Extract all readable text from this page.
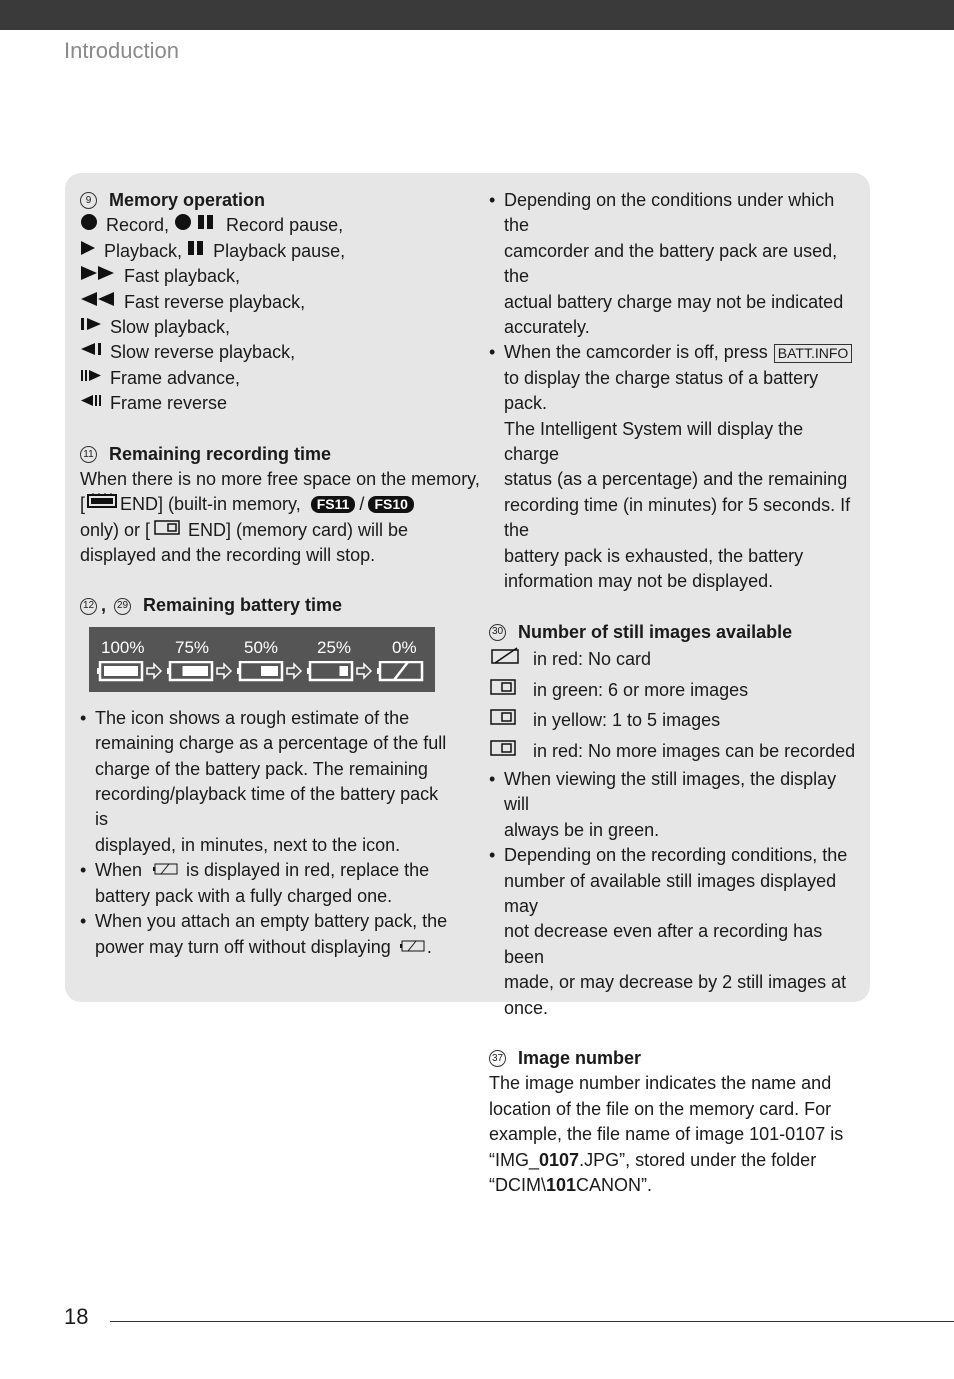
Introduction
9 Memory operation
Record,
	Record pause,
Playback,
Playback pause,
Fast playback,
Fast reverse playback,
Slow playback,
Slow reverse playback,
Frame advance,
Frame reverse
11 Remaining recording time
When there is no more free space on the memory,
[ END] (built-in memory,	FS11 / FS10
only) or [ END] (memory card) will be
displayed and the recording will stop.
12 , 29 Remaining battery time
100% 75% 50% 25% 0%
• The icon shows a rough estimate of the
remaining charge as a percentage of the full
charge of the battery pack. The remaining
recording/playback time of the battery pack is
displayed, in minutes, next to the icon.
• When is displayed in red, replace the
battery pack with a fully charged one.
• When you attach an empty battery pack, the
power may turn off without displaying .
• Depending on the conditions under which the
camcorder and the battery pack are used, the
actual battery charge may not be indicated
accurately.
• When the camcorder is off, press BATT.INFO
to display the charge status of a battery pack.
The Intelligent System will display the charge
status (as a percentage) and the remaining
recording time (in minutes) for 5 seconds. If the
battery pack is exhausted, the battery
information may not be displayed.
30 Number of still images available
in red: No card
in green: 6 or more images
in yellow: 1 to 5 images
in red: No more images can be recorded
• When viewing the still images, the display will
always be in green.
• Depending on the recording conditions, the
number of available still images displayed may
not decrease even after a recording has been
made, or may decrease by 2 still images at
once.
37 Image number
The image number indicates the name and
location of the file on the memory card. For
example, the file name of image 101-0107 is
“IMG_ 0107 .JPG”, stored under the folder
“DCIM\ 101 CANON”.
18
